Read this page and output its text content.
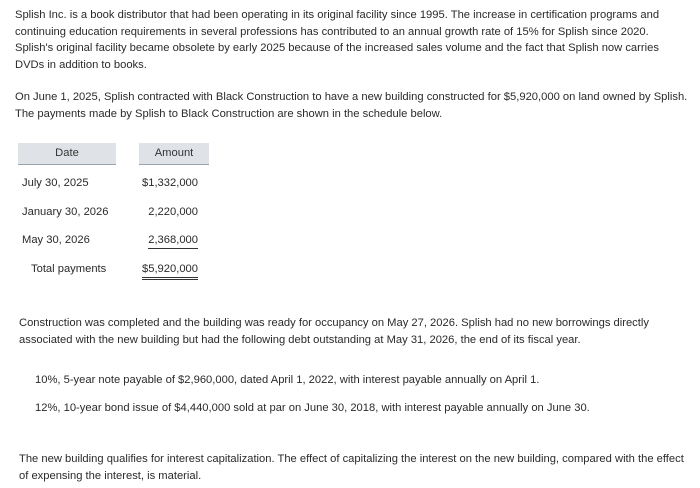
Splish Inc. is a book distributor that had been operating in its original facility since 1995. The increase in certification programs and continuing education requirements in several professions has contributed to an annual growth rate of 15% for Splish since 2020. Splish's original facility became obsolete by early 2025 because of the increased sales volume and the fact that Splish now carries DVDs in addition to books.

On June 1, 2025, Splish contracted with Black Construction to have a new building constructed for $5,920,000 on land owned by Splish. The payments made by Splish to Black Construction are shown in the schedule below.

Date	Amount
July 30, 2025	$1,332,000
January 30, 2026	2,220,000
May 30, 2026	2,368,000
Total payments	$5,920,000

Construction was completed and the building was ready for occupancy on May 27, 2026. Splish had no new borrowings directly associated with the new building but had the following debt outstanding at May 31, 2026, the end of its fiscal year.

10%, 5-year note payable of $2,960,000, dated April 1, 2022, with interest payable annually on April 1.

12%, 10-year bond issue of $4,440,000 sold at par on June 30, 2018, with interest payable annually on June 30.

The new building qualifies for interest capitalization. The effect of capitalizing the interest on the new building, compared with the effect of expensing the interest, is material.
